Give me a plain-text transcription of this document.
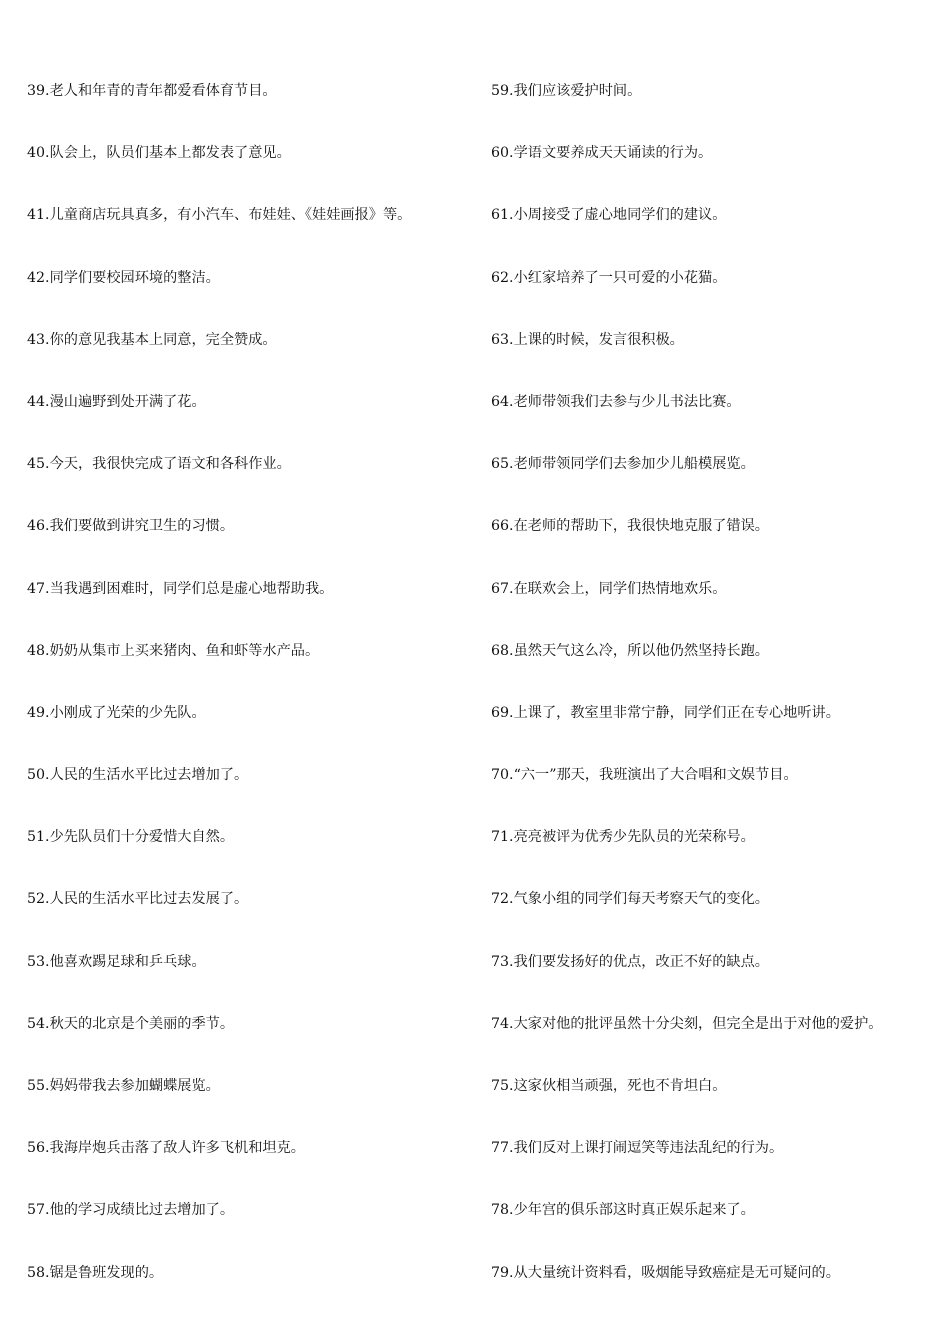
39.老人和年青的青年都爱看体育节目。
40.队会上，队员们基本上都发表了意见。
41.儿童商店玩具真多，有小汽车、布娃娃、《娃娃画报》等。
42.同学们要校园环境的整洁。
43.你的意见我基本上同意，完全赞成。
44.漫山遍野到处开满了花。
45.今天，我很快完成了语文和各科作业。
46.我们要做到讲究卫生的习惯。
47.当我遇到困难时，同学们总是虚心地帮助我。
48.奶奶从集市上买来猪肉、鱼和虾等水产品。
49.小刚成了光荣的少先队。
50.人民的生活水平比过去增加了。
51.少先队员们十分爱惜大自然。
52.人民的生活水平比过去发展了。
53.他喜欢踢足球和乒乓球。
54.秋天的北京是个美丽的季节。
55.妈妈带我去参加蝴蝶展览。
56.我海岸炮兵击落了敌人许多飞机和坦克。
57.他的学习成绩比过去增加了。
58.锯是鲁班发现的。
59.我们应该爱护时间。
60.学语文要养成天天诵读的行为。
61.小周接受了虚心地同学们的建议。
62.小红家培养了一只可爱的小花猫。
63.上课的时候，发言很积极。
64.老师带领我们去参与少儿书法比赛。
65.老师带领同学们去参加少儿船模展览。
66.在老师的帮助下，我很快地克服了错误。
67.在联欢会上，同学们热情地欢乐。
68.虽然天气这么冷，所以他仍然坚持长跑。
69.上课了，教室里非常宁静，同学们正在专心地听讲。
70.“六一”那天，我班演出了大合唱和文娱节目。
71.亮亮被评为优秀少先队员的光荣称号。
72.气象小组的同学们每天考察天气的变化。
73.我们要发扬好的优点，改正不好的缺点。
74.大家对他的批评虽然十分尖刻，但完全是出于对他的爱护。
75.这家伙相当顽强，死也不肯坦白。
77.我们反对上课打闹逗笑等违法乱纪的行为。
78.少年宫的俱乐部这时真正娱乐起来了。
79.从大量统计资料看，吸烟能导致癌症是无可疑问的。
